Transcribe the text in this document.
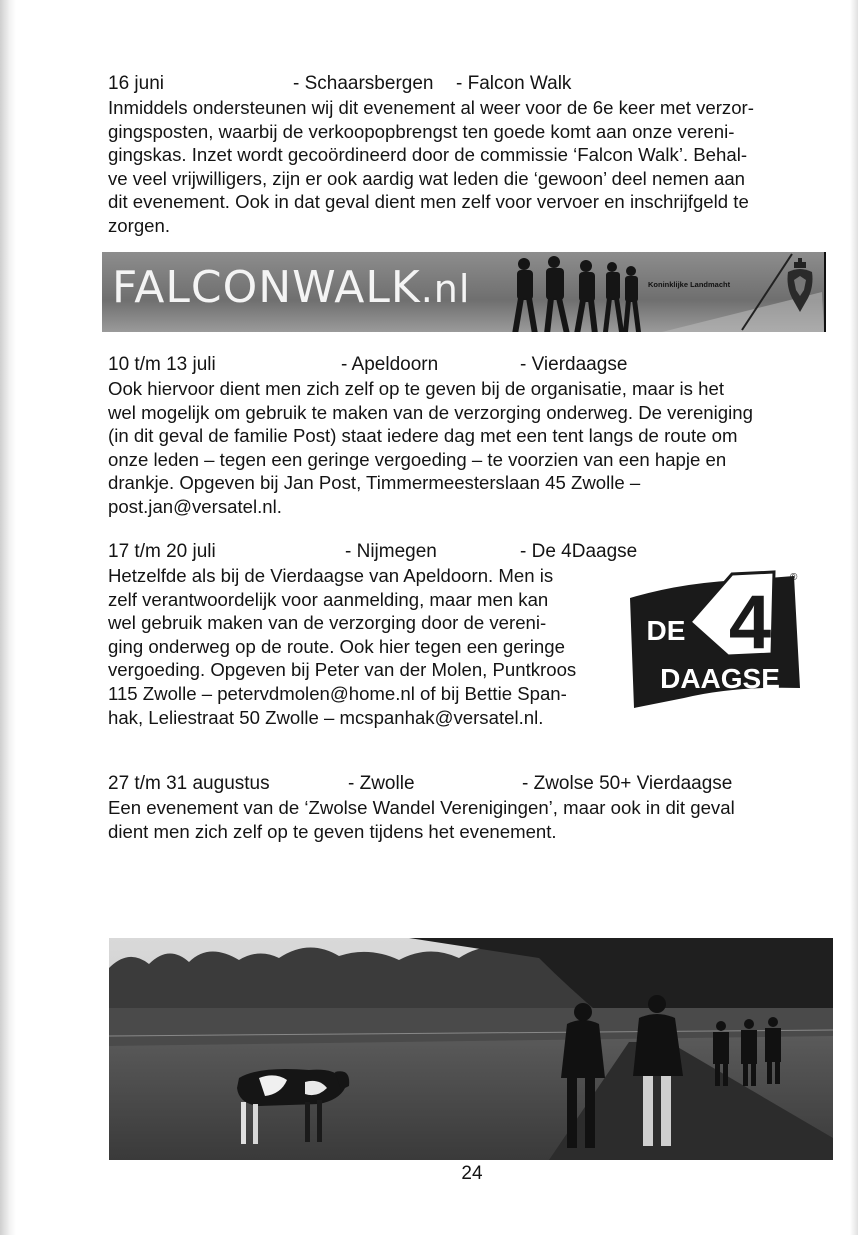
16 juni	- Schaarsbergen - Falcon Walk

Inmiddels ondersteunen wij dit evenement al weer voor de 6e keer met verzor-
gingsposten, waarbij de verkoopopbrengst ten goede komt aan onze vereni-
gingskas. Inzet wordt gecoördineerd door de commissie ‘Falcon Walk’. Behal-
ve veel vrijwilligers, zijn er ook aardig wat leden die ‘gewoon’ deel nemen aan
dit evenement. Ook in dat geval dient men zelf voor vervoer en inschrijfgeld te
zorgen.

FALCONWALK.nl	Koninklijke Landmacht
10 t/m 13 juli	- Apeldoorn	- Vierdaagse

Ook hiervoor dient men zich zelf op te geven bij de organisatie, maar is het
wel mogelijk om gebruik te maken van de verzorging onderweg. De vereniging
(in dit geval de familie Post) staat iedere dag met een tent langs de route om
onze leden – tegen een geringe vergoeding – te voorzien van een hapje en
drankje. Opgeven bij Jan Post, Timmermeesterslaan 45 Zwolle –
post.jan@versatel.nl.

17 t/m 20 juli	- Nijmegen	- De 4Daagse

Hetzelfde als bij de Vierdaagse van Apeldoorn. Men is
zelf verantwoordelijk voor aanmelding, maar men kan
wel gebruik maken van de verzorging door de vereni-
ging onderweg op de route. Ook hier tegen een geringe
vergoeding. Opgeven bij Peter van der Molen, Puntkroos
115 Zwolle – petervdmolen@home.nl of bij Bettie Span-
hak, Leliestraat 50 Zwolle – mcspanhak@versatel.nl.

4
DE
DAAGSE
®
27 t/m 31 augustus	- Zwolle	- Zwolse 50+ Vierdaagse

Een evenement van de ‘Zwolse Wandel Verenigingen’, maar ook in dit geval
dient men zich zelf op te geven tijdens het evenement.

24
